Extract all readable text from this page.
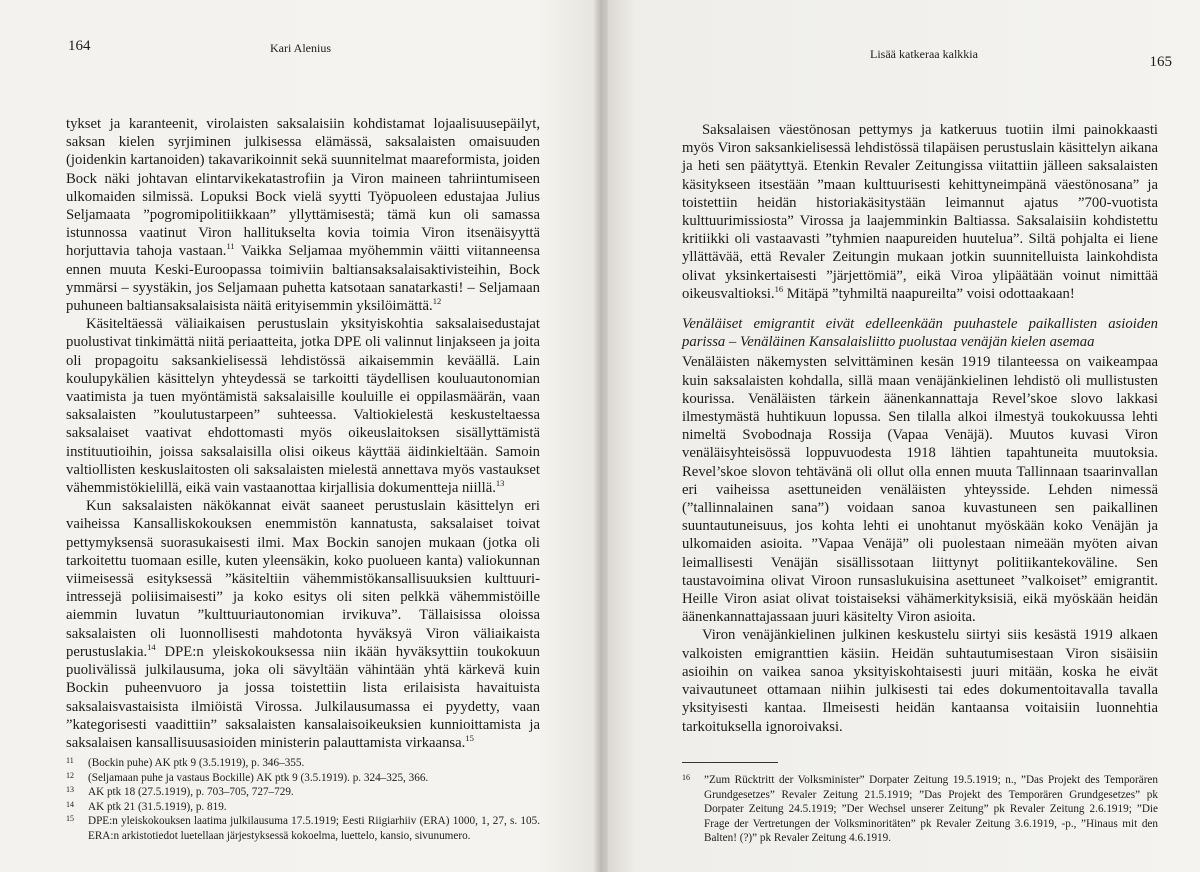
164	Kari Alenius

tykset ja karanteenit, virolaisten saksalaisiin kohdistamat lojaalisuusepäilyt, saksan kielen syrjiminen julkisessa elämässä, saksalaisten omaisuuden (joidenkin kartanoiden) takavarikoinnit sekä suunnitelmat maareformista, joiden Bock näki johtavan elintarvikekatastrofiin ja Viron maineen tahriintumiseen ulkomaiden silmissä. Lopuksi Bock vielä syytti Työpuoleen edustajaa Julius Seljamaata ”pogromipolitiikkaan” yllyttämisestä; tämä kun oli samassa istunnossa vaatinut Viron hallitukselta kovia toimia Viron itsenäisyyttä horjuttavia tahoja vastaan.$^{11}$ Vaikka Seljamaa myöhemmin väitti viitanneensa ennen muuta Keski-Euroopassa toimiviin baltiansaksalaisaktivisteihin, Bock ymmärsi – syystäkin, jos Seljamaan puhetta katsotaan sanatarkasti! – Seljamaan puhuneen baltiansaksalaisista näitä erityisemmin yksilöimättä.$^{12}$

Käsiteltäessä väliaikaisen perustuslain yksityiskohtia saksalaisedustajat puolustivat tinkimättä niitä periaatteita, jotka DPE oli valinnut linjakseen ja joita oli propagoitu saksankielisessä lehdistössä aikaisemmin keväällä. Lain koulupykälien käsittelyn yhteydessä se tarkoitti täydellisen kouluautonomian vaatimista ja tuen myöntämistä saksalaisille kouluille ei oppilasmäärän, vaan saksalaisten ”koulutustarpeen” suhteessa. Valtiokielestä keskusteltaessa saksalaiset vaativat ehdottomasti myös oikeuslaitoksen sisällyttämistä instituutioihin, joissa saksalaisilla olisi oikeus käyttää äidinkieltään. Samoin valtiollisten keskuslaitosten oli saksalaisten mielestä annettava myös vastaukset vähemmistökielillä, eikä vain vastaanottaa kirjallisia dokumentteja niillä.$^{13}$

Kun saksalaisten näkökannat eivät saaneet perustuslain käsittelyn eri vaiheissa Kansalliskokouksen enemmistön kannatusta, saksalaiset toivat pettymyksensä suorasukaisesti ilmi. Max Bockin sanojen mukaan (jotka oli tarkoitettu tuomaan esille, kuten yleensäkin, koko puolueen kanta) valiokunnan viimeisessä esityksessä ”käsiteltiin vähemmistökansallisuuksien kulttuuri-intressejä poliisimaisesti” ja koko esitys oli siten pelkkä vähemmistöille aiemmin luvatun ”kulttuuriautonomian irvikuva”. Tällaisissa oloissa saksalaisten oli luonnollisesti mahdotonta hyväksyä Viron väliaikaista perustuslakia.$^{14}$ DPE:n yleiskokouksessa niin ikään hyväksyttiin toukokuun puolivälissä julkilausuma, joka oli sävyltään vähintään yhtä kärkevä kuin Bockin puheenvuoro ja jossa toistettiin lista erilaisista havaituista saksalaisvastaisista ilmiöistä Virossa. Julkilausumassa ei pyydetty, vaan ”kategorisesti vaadittiin” saksalaisten kansalaisoikeuksien kunnioittamista ja saksalaisen kansallisuusasioiden ministerin palauttamista virkaansa.$^{15}$

11 (Bockin puhe) AK ptk 9 (3.5.1919), p. 346–355.
12 (Seljamaan puhe ja vastaus Bockille) AK ptk 9 (3.5.1919). p. 324–325, 366.
13 AK ptk 18 (27.5.1919), p. 703–705, 727–729.
14 AK ptk 21 (31.5.1919), p. 819.
15 DPE:n yleiskokouksen laatima julkilausuma 17.5.1919; Eesti Riigiarhiiv (ERA) 1000, 1, 27, s. 105. ERA:n arkistotiedot luetellaan järjestyksessä kokoelma, luettelo, kansio, sivunumero.
Lisää katkeraa kalkkia	165

Saksalaisen väestönosan pettymys ja katkeruus tuotiin ilmi painokkaasti myös Viron saksankielisessä lehdistössä tilapäisen perustuslain käsittelyn aikana ja heti sen päätyttyä. Etenkin Revaler Zeitungissa viitattiin jälleen saksalaisten käsitykseen itsestään ”maan kulttuurisesti kehittyneimpänä väestönosana” ja toistettiin heidän historiakäsitystään leimannut ajatus ”700-vuotista kulttuurimissiosta” Virossa ja laajemminkin Baltiassa. Saksalaisiin kohdistettu kritiikki oli vastaavasti ”tyhmien naapureiden huutelua”. Siltä pohjalta ei liene yllättävää, että Revaler Zeitungin mukaan jotkin suunnitelluista lainkohdista olivat yksinkertaisesti ”järjettömiä”, eikä Viroa ylipäätään voinut nimittää oikeusvaltioksi.$^{16}$ Mitäpä ”tyhmiltä naapureilta” voisi odottaakaan!

Venäläiset emigrantit eivät edelleenkään puuhastele paikallisten asioiden parissa – Venäläinen Kansalaisliitto puolustaa venäjän kielen asemaa

Venäläisten näkemysten selvittäminen kesän 1919 tilanteessa on vaikeampaa kuin saksalaisten kohdalla, sillä maan venäjänkielinen lehdistö oli mullistusten kourissa. Venäläisten tärkein äänenkannattaja Revel’skoe slovo lakkasi ilmestymästä huhtikuun lopussa. Sen tilalla alkoi ilmestyä toukokuussa lehti nimeltä Svobodnaja Rossija (Vapaa Venäjä). Muutos kuvasi Viron venäläisyhteisössä loppuvuodesta 1918 lähtien tapahtuneita muutoksia. Revel’skoe slovon tehtävänä oli ollut olla ennen muuta Tallinnaan tsaarinvallan eri vaiheissa asettuneiden venäläisten yhteysside. Lehden nimessä (”tallinnalainen sana”) voidaan sanoa kuvastuneen sen paikallinen suuntautuneisuus, jos kohta lehti ei unohtanut myöskään koko Venäjän ja ulkomaiden asioita. ”Vapaa Venäjä” oli puolestaan nimeään myöten aivan leimallisesti Venäjän sisällissotaan liittynyt politiikantekoväline. Sen taustavoimina olivat Viroon runsaslukuisina asettuneet ”valkoiset” emigrantit. Heille Viron asiat olivat toistaiseksi vähämerkityksisiä, eikä myöskään heidän äänenkannattajassaan juuri käsitelty Viron asioita.

Viron venäjänkielinen julkinen keskustelu siirtyi siis kesästä 1919 alkaen valkoisten emigranttien käsiin. Heidän suhtautumisestaan Viron sisäisiin asioihin on vaikea sanoa yksityiskohtaisesti juuri mitään, koska he eivät vaivautuneet ottamaan niihin julkisesti tai edes dokumentoitavalla tavalla yksityisesti kantaa. Ilmeisesti heidän kantaansa voitaisiin luonnehtia tarkoituksella ignoroivaksi.

16 ”Zum Rücktritt der Volksminister” Dorpater Zeitung 19.5.1919; n., ”Das Projekt des Temporären Grundgesetzes” Revaler Zeitung 21.5.1919; ”Das Projekt des Temporären Grundgesetzes” pk Dorpater Zeitung 24.5.1919; ”Der Wechsel unserer Zeitung” pk Revaler Zeitung 2.6.1919; ”Die Frage der Vertretungen der Volksminoritäten” pk Revaler Zeitung 3.6.1919, -p., ”Hinaus mit den Balten! (?)” pk Revaler Zeitung 4.6.1919.
